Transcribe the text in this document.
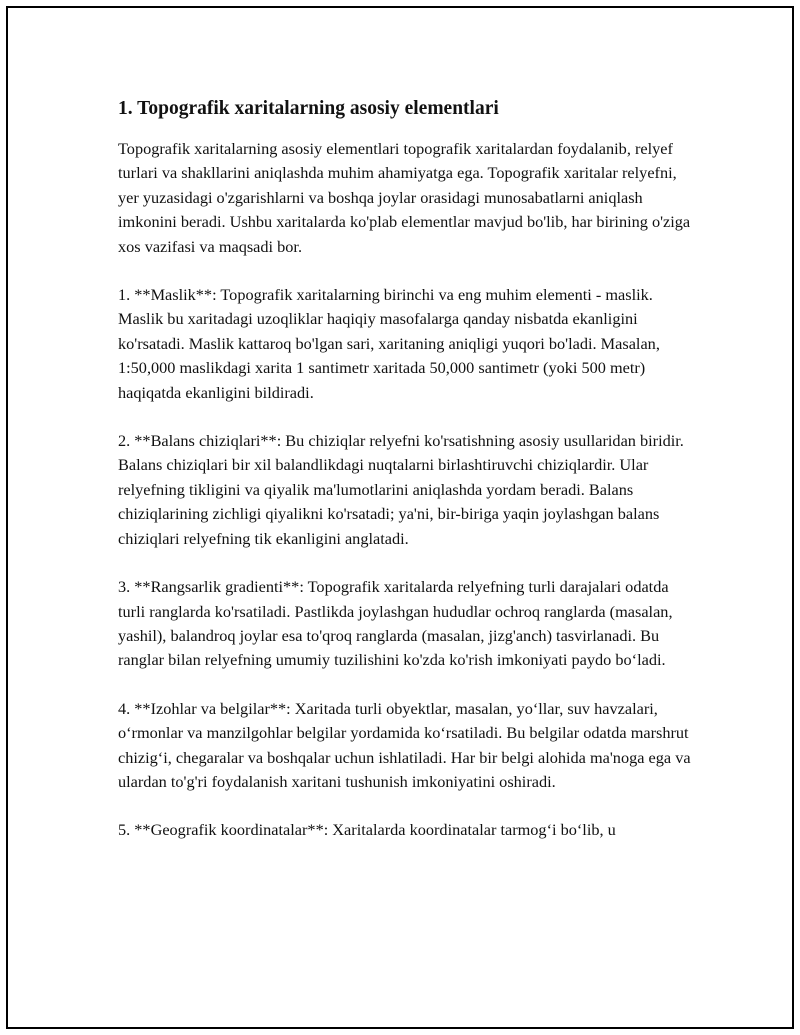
1. Topografik xaritalarning asosiy elementlari

Topografik xaritalarning asosiy elementlari topografik xaritalardan foydalanib, relyef turlari va shakllarini aniqlashda muhim ahamiyatga ega. Topografik xaritalar relyefni, yer yuzasidagi o'zgarishlarni va boshqa joylar orasidagi munosabatlarni aniqlash imkonini beradi. Ushbu xaritalarda ko'plab elementlar mavjud bo'lib, har birining o'ziga xos vazifasi va maqsadi bor.

1. **Maslik**: Topografik xaritalarning birinchi va eng muhim elementi - maslik. Maslik bu xaritadagi uzoqliklar haqiqiy masofalarga qanday nisbatda ekanligini ko'rsatadi. Maslik kattaroq bo'lgan sari, xaritaning aniqligi yuqori bo'ladi. Masalan, 1:50,000 maslikdagi xarita 1 santimetr xaritada 50,000 santimetr (yoki 500 metr) haqiqatda ekanligini bildiradi.

2. **Balans chiziqlari**: Bu chiziqlar relyefni ko'rsatishning asosiy usullaridan biridir. Balans chiziqlari bir xil balandlikdagi nuqtalarni birlashtiruvchi chiziqlardir. Ular relyefning tikligini va qiyalik ma'lumotlarini aniqlashda yordam beradi. Balans chiziqlarining zichligi qiyalikni ko'rsatadi; ya'ni, bir-biriga yaqin joylashgan balans chiziqlari relyefning tik ekanligini anglatadi.

3. **Rangsarlik gradienti**: Topografik xaritalarda relyefning turli darajalari odatda turli ranglarda ko'rsatiladi. Pastlikda joylashgan hududlar ochroq ranglarda (masalan, yashil), balandroq joylar esa to'qroq ranglarda (masalan, jizg'anch) tasvirlanadi. Bu ranglar bilan relyefning umumiy tuzilishini ko'zda ko'rish imkoniyati paydo bo‘ladi.

4. **Izohlar va belgilar**: Xaritada turli obyektlar, masalan, yo‘llar, suv havzalari, o‘rmonlar va manzilgohlar belgilar yordamida ko‘rsatiladi. Bu belgilar odatda marshrut chizig‘i, chegaralar va boshqalar uchun ishlatiladi. Har bir belgi alohida ma'noga ega va ulardan to'g'ri foydalanish xaritani tushunish imkoniyatini oshiradi.

5. **Geografik koordinatalar**: Xaritalarda koordinatalar tarmog‘i bo‘lib, u
